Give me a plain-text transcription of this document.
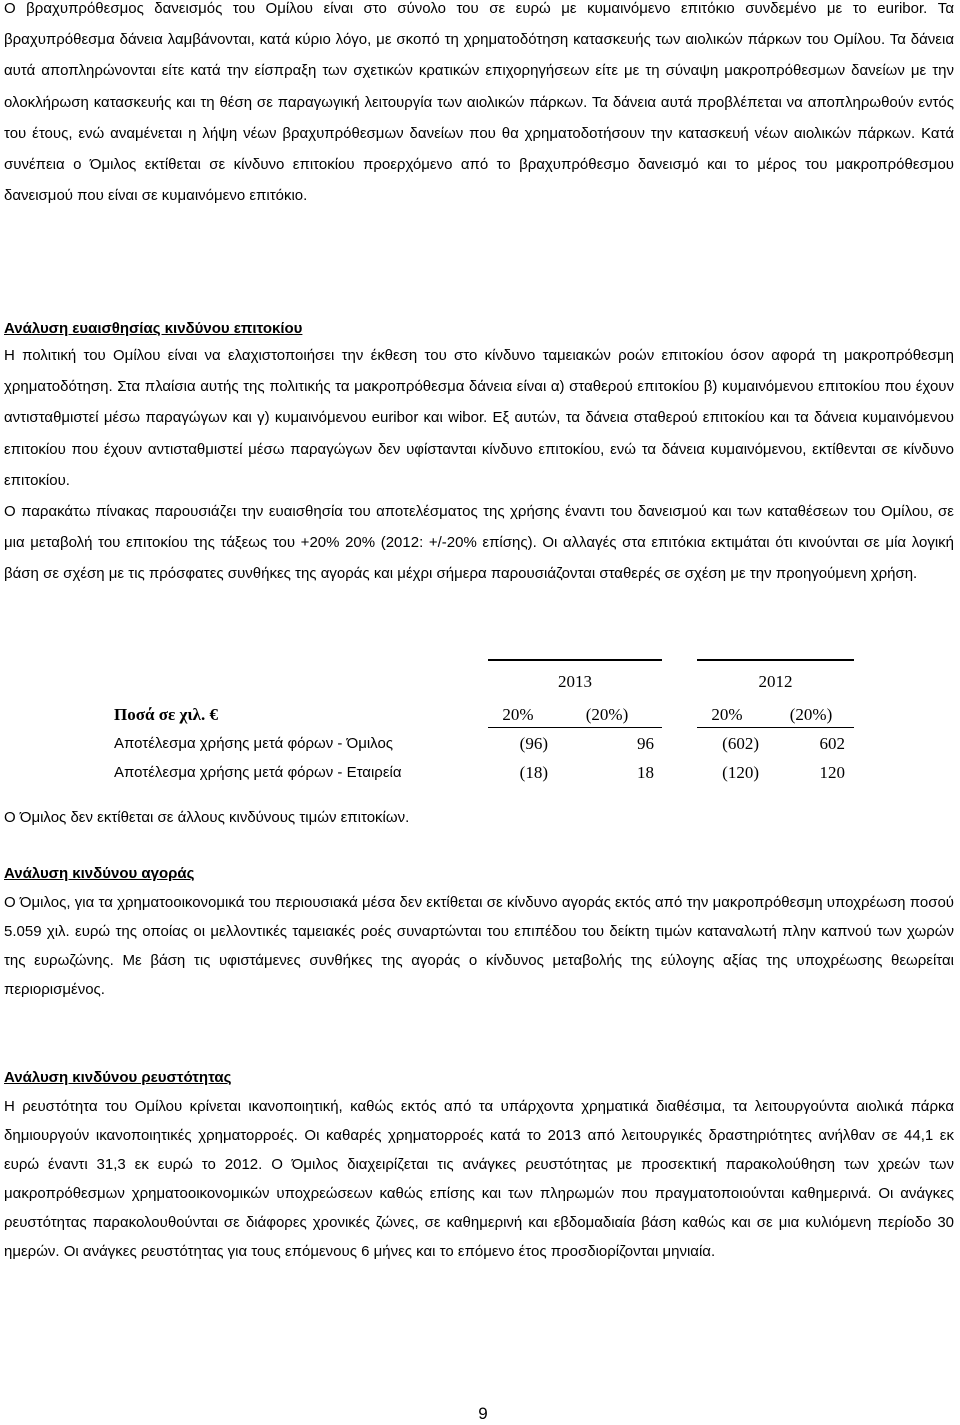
Ο βραχυπρόθεσμος δανεισμός του Ομίλου είναι στο σύνολο του σε ευρώ με κυμαινόμενο επιτόκιο συνδεμένο με το euribor. Τα βραχυπρόθεσμα δάνεια λαμβάνονται, κατά κύριο λόγο, με σκοπό τη χρηματοδότηση κατασκευής των αιολικών πάρκων του Ομίλου. Τα δάνεια αυτά αποπληρώνονται είτε κατά την είσπραξη των σχετικών κρατικών επιχορηγήσεων είτε με τη σύναψη μακροπρόθεσμων δανείων με την ολοκλήρωση κατασκευής και τη θέση σε παραγωγική λειτουργία των αιολικών πάρκων. Τα δάνεια αυτά προβλέπεται να αποπληρωθούν εντός του έτους, ενώ αναμένεται η λήψη νέων βραχυπρόθεσμων δανείων που θα χρηματοδοτήσουν την κατασκευή νέων αιολικών πάρκων. Κατά συνέπεια ο Όμιλος εκτίθεται σε κίνδυνο επιτοκίου προερχόμενο από το βραχυπρόθεσμο δανεισμό και το μέρος του μακροπρόθεσμου δανεισμού που είναι σε κυμαινόμενο επιτόκιο.

Ανάλυση ευαισθησίας κινδύνου επιτοκίου

Η πολιτική του Ομίλου είναι να ελαχιστοποιήσει την έκθεση του στο κίνδυνο ταμειακών ροών επιτοκίου όσον αφορά τη μακροπρόθεσμη χρηματοδότηση. Στα πλαίσια αυτής της πολιτικής τα μακροπρόθεσμα δάνεια είναι α) σταθερού επιτοκίου β) κυμαινόμενου επιτοκίου που έχουν αντισταθμιστεί μέσω παραγώγων και γ) κυμαινόμενου euribor και wibor. Εξ αυτών, τα δάνεια σταθερού επιτοκίου και τα δάνεια κυμαινόμενου επιτοκίου που έχουν αντισταθμιστεί μέσω παραγώγων δεν υφίστανται κίνδυνο επιτοκίου, ενώ τα δάνεια κυμαινόμενου, εκτίθενται σε κίνδυνο επιτοκίου.

Ο παρακάτω πίνακας παρουσιάζει την ευαισθησία του αποτελέσματος της χρήσης έναντι του δανεισμού και των καταθέσεων του Ομίλου, σε μια μεταβολή του επιτοκίου της τάξεως του +20% 20% (2012: +/-20% επίσης). Οι αλλαγές στα επιτόκια εκτιμάται ότι κινούνται σε μία λογική βάση σε σχέση με τις πρόσφατες συνθήκες της αγοράς και μέχρι σήμερα παρουσιάζονται σταθερές σε σχέση με την προηγούμενη χρήση.

2013	2012
Ποσά σε χιλ. €	20%	(20%)	20%	(20%)
Αποτέλεσμα χρήσης μετά φόρων - Όμιλος	(96)	96	(602)	602
Αποτέλεσμα χρήσης μετά φόρων - Εταιρεία	(18)	18	(120)	120

Ο Όμιλος δεν εκτίθεται σε άλλους κινδύνους τιμών επιτοκίων.

Ανάλυση κινδύνου αγοράς

Ο Όμιλος, για τα χρηματοοικονομικά του περιουσιακά μέσα δεν εκτίθεται σε κίνδυνο αγοράς εκτός από την μακροπρόθεσμη υποχρέωση ποσού 5.059 χιλ. ευρώ της οποίας οι μελλοντικές ταμειακές ροές συναρτώνται του επιπέδου του δείκτη τιμών καταναλωτή πλην καπνού των χωρών της ευρωζώνης. Με βάση τις υφιστάμενες συνθήκες της αγοράς ο κίνδυνος μεταβολής της εύλογης αξίας της υποχρέωσης θεωρείται περιορισμένος.

Ανάλυση κινδύνου ρευστότητας

Η ρευστότητα του Ομίλου κρίνεται ικανοποιητική, καθώς εκτός από τα υπάρχοντα χρηματικά διαθέσιμα, τα λειτουργούντα αιολικά πάρκα δημιουργούν ικανοποιητικές χρηματορροές. Οι καθαρές χρηματορροές κατά το 2013 από λειτουργικές δραστηριότητες ανήλθαν σε 44,1 εκ ευρώ έναντι 31,3 εκ ευρώ το 2012. Ο Όμιλος διαχειρίζεται τις ανάγκες ρευστότητας με προσεκτική παρακολούθηση των χρεών των μακροπρόθεσμων χρηματοοικονομικών υποχρεώσεων καθώς επίσης και των πληρωμών που πραγματοποιούνται καθημερινά. Οι ανάγκες ρευστότητας παρακολουθούνται σε διάφορες χρονικές ζώνες, σε καθημερινή και εβδομαδιαία βάση καθώς και σε μια κυλιόμενη περίοδο 30 ημερών. Οι ανάγκες ρευστότητας για τους επόμενους 6 μήνες και το επόμενο έτος προσδιορίζονται μηνιαία.

9
